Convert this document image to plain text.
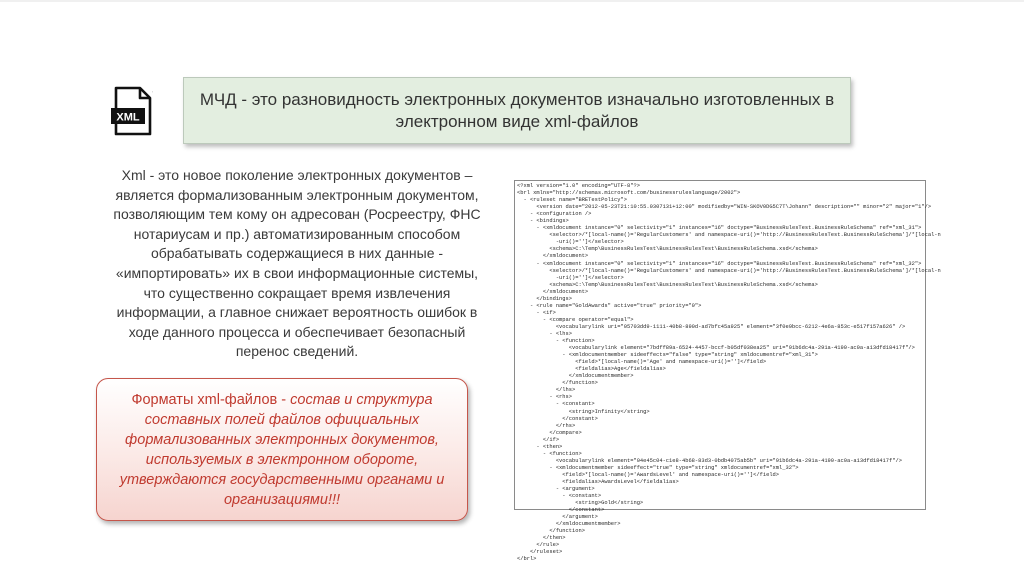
XML
'	МЧД - это разновидность электронных документов изначально изготовленных в электронном виде xml-файлов
Xml - это новое поколение электронных документов – является формализованным электронным документом, позволяющим тем кому он адресован (Росреестру, ФНС нотариусам и пр.) автоматизированным способом обрабатывать содержащиеся в них данные - «импортировать» их в свои информационные системы, что существенно сокращает время извлечения информации, а главное снижает вероятность ошибок в ходе данного процесса и обеспечивает безопасный перенос сведений.
Форматы xml-файлов - состав и структура составных полей файлов официальных формализованных электронных документов, используемых в электронном обороте, утверждаются государственными органами и организациями!!!
<?xml version="1.0" encoding="UTF-8"?>
<brl xmlns="http://schemas.microsoft.com/businessruleslanguage/2002">
- <ruleset name="BRETestPolicy">
<version date="2012-05-23T21:10:55.0307131+12:00" modifiedby="WIN-SKOV0DG5C7T\Johann" description="" minor="2" major="1"/>
- <configuration />
- <bindings>
- <xmldocument instance="0" selectivity="1" instances="16" doctype="BusinessRulesTest.BusinessRuleSchema" ref="xml_31">
<selector>/*[local-name()='RegularCustomers' and namespace-uri()='http://BusinessRulesTest.BusinessRuleSchema']/*[local-n
-uri()='']</selector>
<schema>C:\Temp\BusinessRulesTest\BusinessRulesTest\BusinessRuleSchema.xsd</schema>
</xmldocument>
- <xmldocument instance="0" selectivity="1" instances="16" doctype="BusinessRulesTest.BusinessRuleSchema" ref="xml_32">
<selector>/*[local-name()='RegularCustomers' and namespace-uri()='http://BusinessRulesTest.BusinessRuleSchema']/*[local-n
-uri()='']</selector>
<schema>C:\Temp\BusinessRulesTest\BusinessRulesTest\BusinessRuleSchema.xsd</schema>
</xmldocument>
</bindings>
- <rule name="GoldAwards" active="true" priority="0">
- <if>
- <compare operator="equal">
<vocabularylink uri="05703dd9-1111-40b8-890d-ad7bfc45a925" element="3f0e9bcc-6212-4e6a-853c-e517f157a626" />
- <lhs>
- <function>
<vocabularylink element="7bdff89a-6524-4457-bccf-b05df038ea25" uri="91b6dc4a-291a-4190-ac0a-a13dfd18417f"/>
- <xmldocumentmember sideeffects="false" type="string" xmldocumentref="xml_31">
<field>*[local-name()='Age' and namespace-uri()='']</field>
<fieldalias>Age</fieldalias>
</xmldocumentmember>
</function>
</lhs>
- <rhs>
- <constant>
<string>Infinity</string>
</constant>
</rhs>
</compare>
</if>
- <then>
- <function>
<vocabularylink element="04e45c04-c1e8-4b68-83d3-0bdb4075ab5b" uri="91b6dc4a-291a-4190-ac0a-a13dfd18417f"/>
- <xmldocumentmember sideeffect="true" type="string" xmldocumentref="xml_32">
<field>*[local-name()='AwardsLevel' and namespace-uri()='']</field>
<fieldalias>AwardsLevel</fieldalias>
- <argument>
- <constant>
<string>Gold</string>
</constant>
</argument>
</xmldocumentmember>
</function>
</then>
</rule>
</ruleset>
</brl>
